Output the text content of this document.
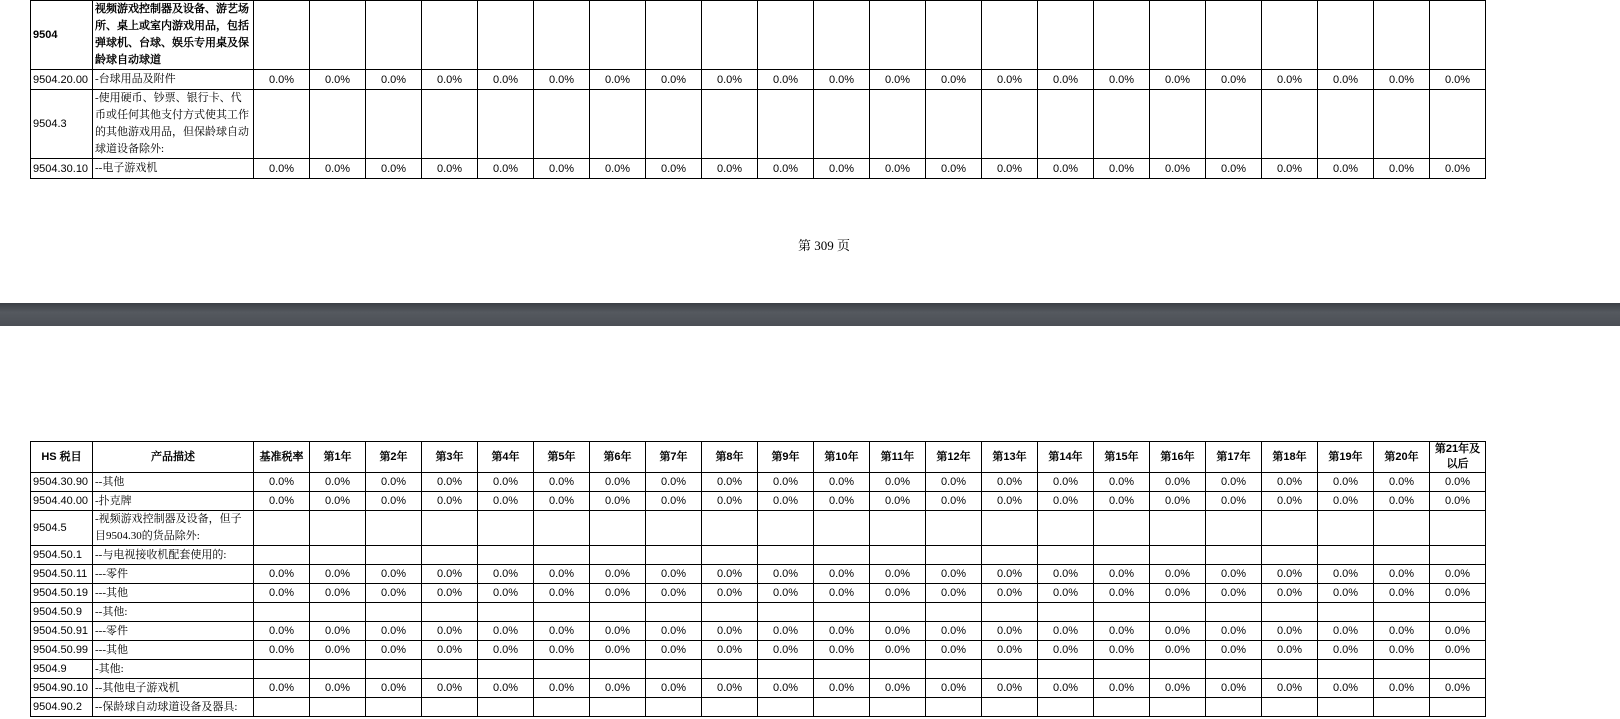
9504	视频游戏控制器及设备、游艺场所、桌上或室内游戏用品，包括弹球机、台球、娱乐专用桌及保龄球自动球道																						
9504.20.00	-台球用品及附件	0.0%	0.0%	0.0%	0.0%	0.0%	0.0%	0.0%	0.0%	0.0%	0.0%	0.0%	0.0%	0.0%	0.0%	0.0%	0.0%	0.0%	0.0%	0.0%	0.0%	0.0%	0.0%
9504.3	-使用硬币、钞票、银行卡、代币或任何其他支付方式使其工作的其他游戏用品，但保龄球自动球道设备除外:																						
9504.30.10	--电子游戏机	0.0%	0.0%	0.0%	0.0%	0.0%	0.0%	0.0%	0.0%	0.0%	0.0%	0.0%	0.0%	0.0%	0.0%	0.0%	0.0%	0.0%	0.0%	0.0%	0.0%	0.0%	0.0%
第 309 页
HS 税目	产品描述	基准税率	第1年	第2年	第3年	第4年	第5年	第6年	第7年	第8年	第9年	第10年	第11年	第12年	第13年	第14年	第15年	第16年	第17年	第18年	第19年	第20年	第21年及以后
9504.30.90	--其他	0.0%	0.0%	0.0%	0.0%	0.0%	0.0%	0.0%	0.0%	0.0%	0.0%	0.0%	0.0%	0.0%	0.0%	0.0%	0.0%	0.0%	0.0%	0.0%	0.0%	0.0%	0.0%
9504.40.00	-扑克牌	0.0%	0.0%	0.0%	0.0%	0.0%	0.0%	0.0%	0.0%	0.0%	0.0%	0.0%	0.0%	0.0%	0.0%	0.0%	0.0%	0.0%	0.0%	0.0%	0.0%	0.0%	0.0%
9504.5	-视频游戏控制器及设备，但子目9504.30的货品除外:																						
9504.50.1	--与电视接收机配套使用的:																						
9504.50.11	---零件	0.0%	0.0%	0.0%	0.0%	0.0%	0.0%	0.0%	0.0%	0.0%	0.0%	0.0%	0.0%	0.0%	0.0%	0.0%	0.0%	0.0%	0.0%	0.0%	0.0%	0.0%	0.0%
9504.50.19	---其他	0.0%	0.0%	0.0%	0.0%	0.0%	0.0%	0.0%	0.0%	0.0%	0.0%	0.0%	0.0%	0.0%	0.0%	0.0%	0.0%	0.0%	0.0%	0.0%	0.0%	0.0%	0.0%
9504.50.9	--其他:																						
9504.50.91	---零件	0.0%	0.0%	0.0%	0.0%	0.0%	0.0%	0.0%	0.0%	0.0%	0.0%	0.0%	0.0%	0.0%	0.0%	0.0%	0.0%	0.0%	0.0%	0.0%	0.0%	0.0%	0.0%
9504.50.99	---其他	0.0%	0.0%	0.0%	0.0%	0.0%	0.0%	0.0%	0.0%	0.0%	0.0%	0.0%	0.0%	0.0%	0.0%	0.0%	0.0%	0.0%	0.0%	0.0%	0.0%	0.0%	0.0%
9504.9	-其他:																						
9504.90.10	--其他电子游戏机	0.0%	0.0%	0.0%	0.0%	0.0%	0.0%	0.0%	0.0%	0.0%	0.0%	0.0%	0.0%	0.0%	0.0%	0.0%	0.0%	0.0%	0.0%	0.0%	0.0%	0.0%	0.0%
9504.90.2	--保龄球自动球道设备及器具:																						
